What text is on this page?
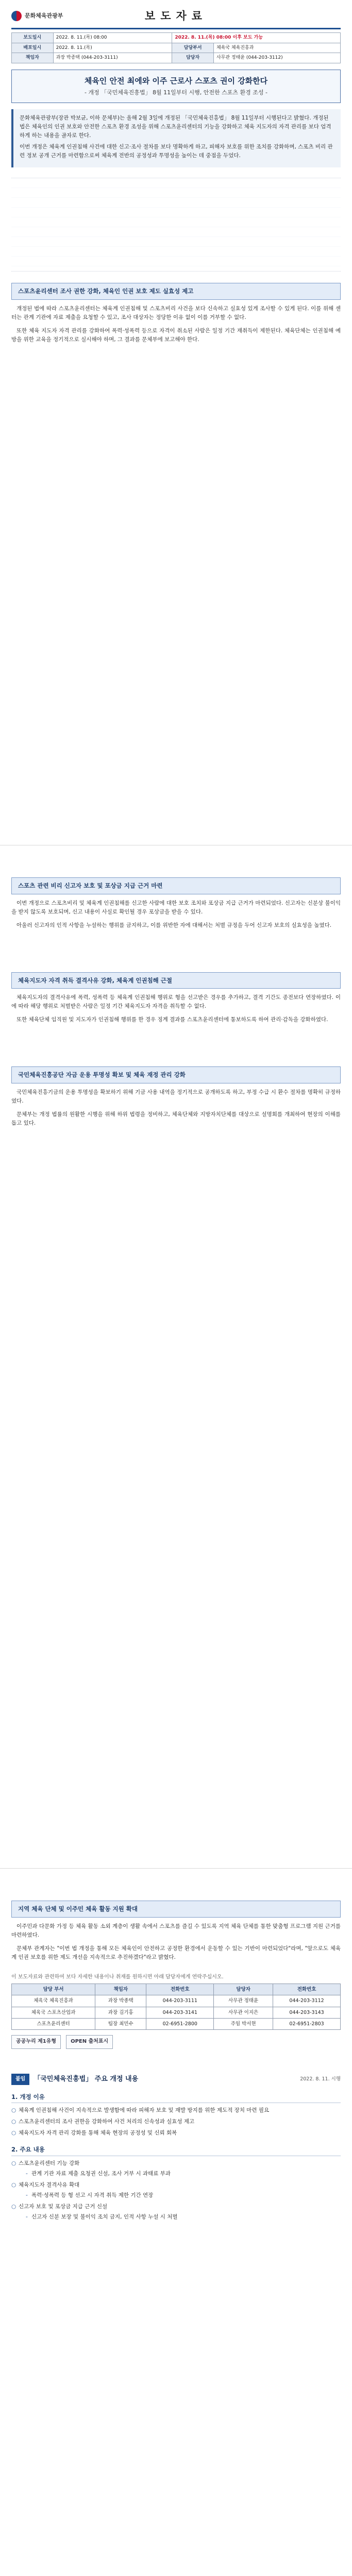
문화체육관광부	보도자료
보도일시	2022. 8. 11.(목) 08:00	2022. 8. 11.(목) 08:00 이후 보도 가능	
배포일시	2022. 8. 11.(목)	담당부서	체육국 체육진흥과
책임자	과장 박종택 (044-203-3111)	담당자	사무관 정태윤 (044-203-3112)
체육인 안전 최에와 이주 근로사 스포츠 권이 강화한다
- 개정 「국민체육진흥법」 8월 11일부터 시행, 안전한 스포츠 환경 조성 -

문화체육관광부(장관 박보균, 이하 문체부)는 올해 2월 3일에 개정된 「국민체육진흥법」 8월 11일부터 시행된다고 밝혔다. 개정된 법은 체육인의 인권 보호와 안전한 스포츠 환경 조성을 위해 스포츠윤리센터의 기능을 강화하고 체육 지도자의 자격 관리를 보다 엄격하게 하는 내용을 골자로 한다.

이번 개정은 체육계 인권침해 사건에 대한 신고·조사 절차를 보다 명확하게 하고, 피해자 보호를 위한 조치를 강화하며, 스포츠 비리 관련 정보 공개 근거를 마련함으로써 체육계 전반의 공정성과 투명성을 높이는 데 중점을 두었다.

스포츠윤리센터 조사 권한 강화, 체육인 인권 보호 제도 실효성 제고

개정된 법에 따라 스포츠윤리센터는 체육계 인권침해 및 스포츠비리 사건을 보다 신속하고 실효성 있게 조사할 수 있게 된다. 이를 위해 센터는 관계 기관에 자료 제출을 요청할 수 있고, 조사 대상자는 정당한 이유 없이 이를 거부할 수 없다.

또한 체육 지도자 자격 관리를 강화하여 폭력·성폭력 등으로 자격이 취소된 사람은 일정 기간 재취득이 제한된다. 체육단체는 인권침해 예방을 위한 교육을 정기적으로 실시해야 하며, 그 결과를 문체부에 보고해야 한다.

스포츠 관련 비리 신고자 보호 및 포상금 지급 근거 마련

이번 개정으로 스포츠비리 및 체육계 인권침해를 신고한 사람에 대한 보호 조치와 포상금 지급 근거가 마련되었다. 신고자는 신분상 불이익을 받지 않도록 보호되며, 신고 내용이 사실로 확인될 경우 포상금을 받을 수 있다.

아울러 신고자의 인적 사항을 누설하는 행위를 금지하고, 이를 위반한 자에 대해서는 처벌 규정을 두어 신고자 보호의 실효성을 높였다.

체육지도자 자격 취득 결격사유 강화, 체육계 인권침해 근절

체육지도자의 결격사유에 폭력, 성폭력 등 체육계 인권침해 행위로 형을 선고받은 경우를 추가하고, 결격 기간도 종전보다 연장하였다. 이에 따라 해당 행위로 처벌받은 사람은 일정 기간 체육지도자 자격을 취득할 수 없다.

또한 체육단체 임직원 및 지도자가 인권침해 행위를 한 경우 징계 결과를 스포츠윤리센터에 통보하도록 하여 관리·감독을 강화하였다.

국민체육진흥공단 자금 운용 투명성 확보 및 체육 재정 관리 강화

국민체육진흥기금의 운용 투명성을 확보하기 위해 기금 사용 내역을 정기적으로 공개하도록 하고, 부정 수급 시 환수 절차를 명확히 규정하였다.

문체부는 개정 법률의 원활한 시행을 위해 하위 법령을 정비하고, 체육단체와 지방자치단체를 대상으로 설명회를 개최하여 현장의 이해를 돕고 있다.

지역 체육 단체 및 이주민 체육 활동 지원 확대

이주민과 다문화 가정 등 체육 활동 소외 계층이 생활 속에서 스포츠를 즐길 수 있도록 지역 체육 단체를 통한 맞춤형 프로그램 지원 근거를 마련하였다.

문체부 관계자는 "이번 법 개정을 통해 모든 체육인이 안전하고 공정한 환경에서 운동할 수 있는 기반이 마련되었다"라며, "앞으로도 체육계 인권 보호를 위한 제도 개선을 지속적으로 추진하겠다"라고 밝혔다.

이 보도자료와 관련하여 보다 자세한 내용이나 취재를 원하시면 아래 담당자에게 연락주십시오.
담당 부서	책임자	전화번호	담당자	전화번호
체육국 체육진흥과	과장 박종택	044-203-3111	사무관 정태윤	044-203-3112
체육국 스포츠산업과	과장 김기홍	044-203-3141	사무관 이지은	044-203-3143
스포츠윤리센터	팀장 최민수	02-6951-2800	주임 박서현	02-6951-2803
공공누리 제1유형	OPEN 출처표시
붙임	「국민체육진흥법」 주요 개정 내용	2022. 8. 11. 시행
1. 개정 이유
○ 체육계 인권침해 사건이 지속적으로 발생함에 따라 피해자 보호 및 재발 방지를 위한 제도적 장치 마련 필요
○ 스포츠윤리센터의 조사 권한을 강화하여 사건 처리의 신속성과 실효성 제고
○ 체육지도자 자격 관리 강화를 통해 체육 현장의 공정성 및 신뢰 회복
2. 주요 내용
○ 스포츠윤리센터 기능 강화
- 관계 기관 자료 제출 요청권 신설, 조사 거부 시 과태료 부과
○ 체육지도자 결격사유 확대
- 폭력·성폭력 등 형 선고 시 자격 취득 제한 기간 연장
○ 신고자 보호 및 포상금 지급 근거 신설
- 신고자 신분 보장 및 불이익 조치 금지, 인적 사항 누설 시 처벌
